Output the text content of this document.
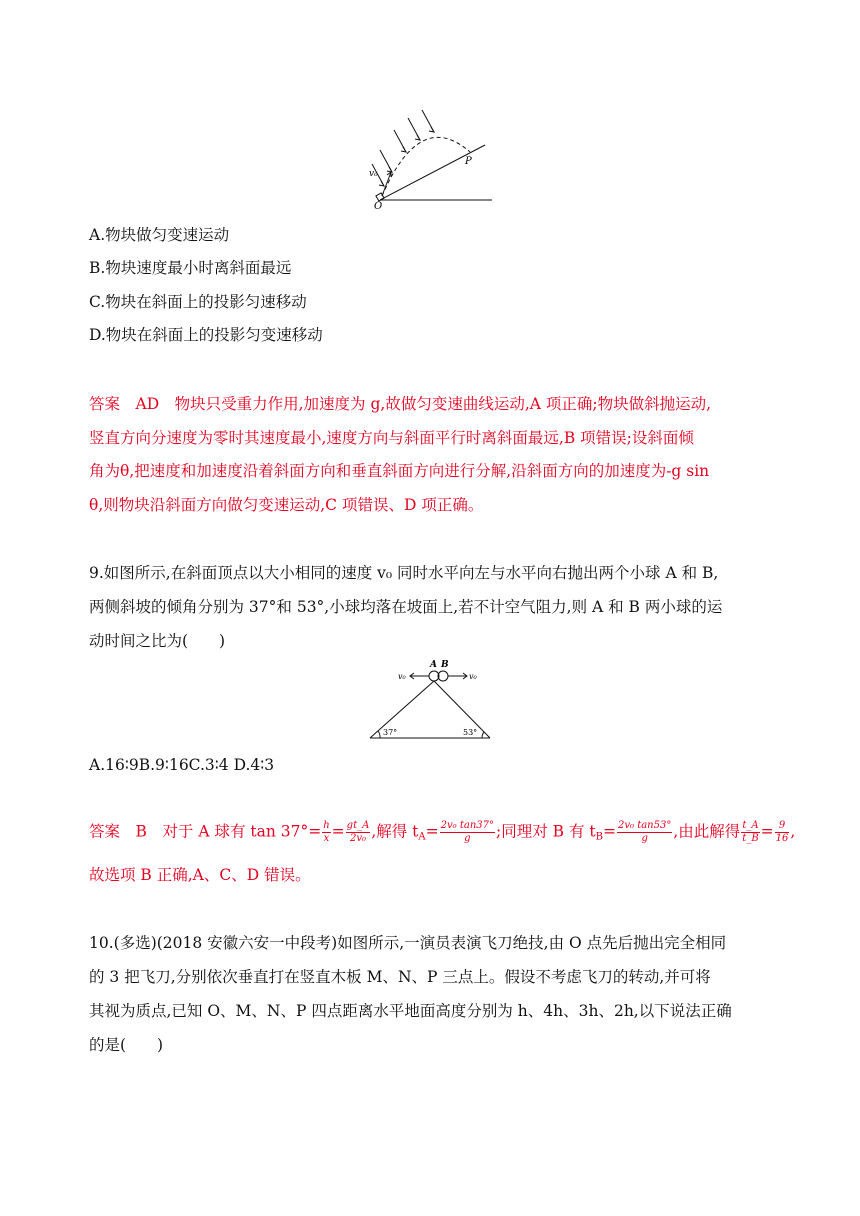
v₀
O
P
A.物块做匀变速运动
B.物块速度最小时离斜面最远
C.物块在斜面上的投影匀速移动
D.物块在斜面上的投影匀变速移动
答案　AD　物块只受重力作用,加速度为 g,故做匀变速曲线运动,A 项正确;物块做斜抛运动,
竖直方向分速度为零时其速度最小,速度方向与斜面平行时离斜面最远,B 项错误;设斜面倾
角为θ,把速度和加速度沿着斜面方向和垂直斜面方向进行分解,沿斜面方向的加速度为-g sin
θ,则物块沿斜面方向做匀变速运动,C 项错误、D 项正确。
9.如图所示,在斜面顶点以大小相同的速度 v₀ 同时水平向左与水平向右抛出两个小球 A 和 B,
两侧斜坡的倾角分别为 37°和 53°,小球均落在坡面上,若不计空气阻力,则 A 和 B 两小球的运
动时间之比为(　　)
A B
v₀	v₀
37°	53°
A.16∶9B.9∶16C.3∶4 D.4∶3
答案　B　对于 A 球有 $\tan 37^\circ= \frac{h}{x} = \frac{gt\_A}{\text{2v₀}}$ ,解得 $t_A= \frac{\text{2v₀ tan37°}}{g}$ ;同理对 B 有 $t_B= \frac{\text{2v₀ tan53°}}{g}$ ,由此解得 $\frac{t\_A}{t\_B} = \frac{9}{16}$ ,
故选项 B 正确,A、C、D 错误。
10.(多选)(2018 安徽六安一中段考)如图所示,一演员表演飞刀绝技,由 O 点先后抛出完全相同
的 3 把飞刀,分别依次垂直打在竖直木板 M、N、P 三点上。假设不考虑飞刀的转动,并可将
其视为质点,已知 O、M、N、P 四点距离水平地面高度分别为 h、4h、3h、2h,以下说法正确
的是(　　)
